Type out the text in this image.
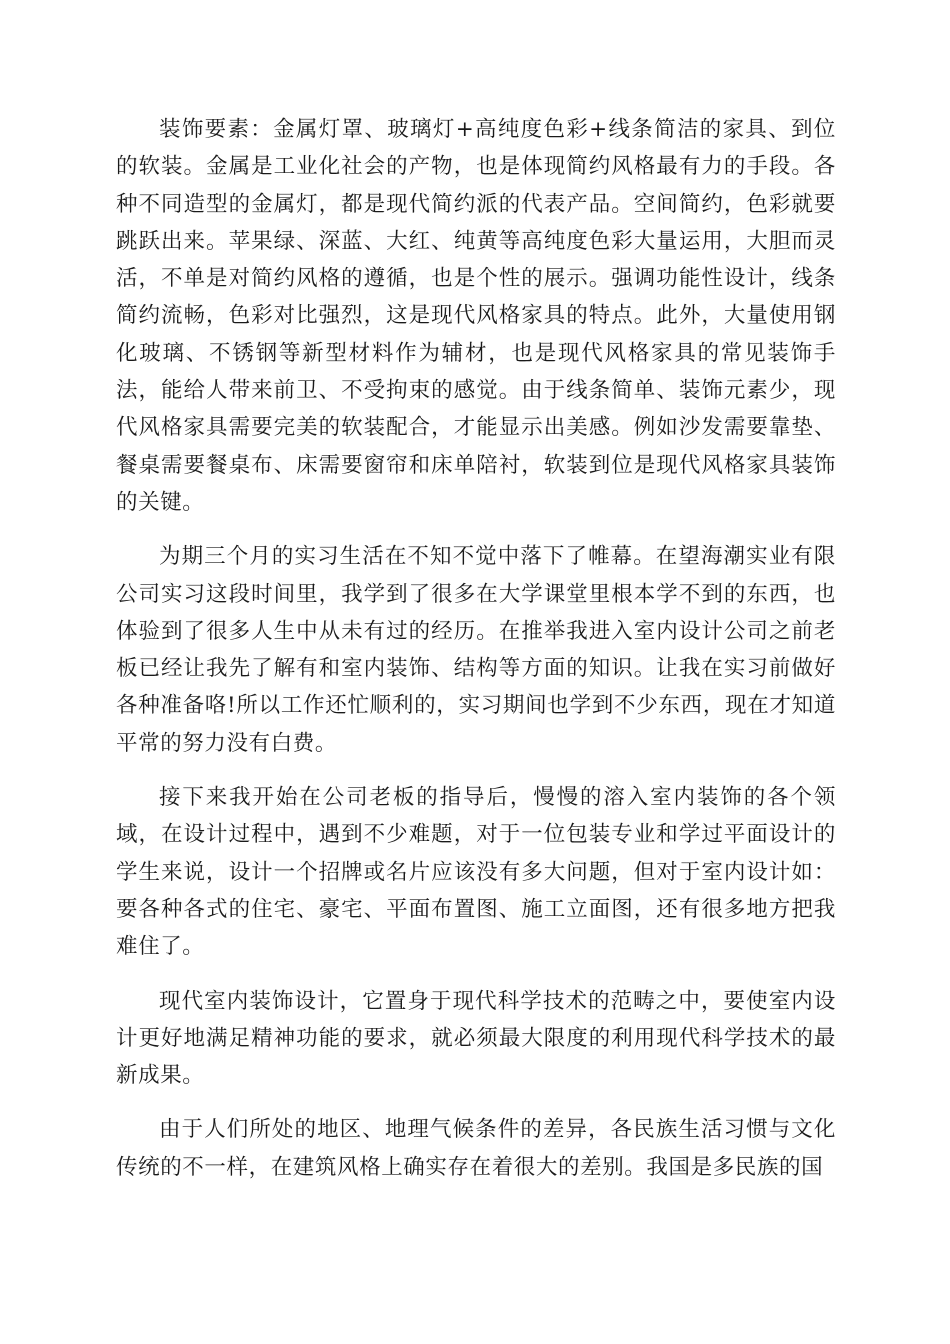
装饰要素：金属灯罩、玻璃灯+高纯度色彩+线条简洁的家具、到位的软装。金属是工业化社会的产物，也是体现简约风格最有力的手段。各种不同造型的金属灯，都是现代简约派的代表产品。空间简约，色彩就要跳跃出来。苹果绿、深蓝、大红、纯黄等高纯度色彩大量运用，大胆而灵活，不单是对简约风格的遵循，也是个性的展示。强调功能性设计，线条简约流畅，色彩对比强烈，这是现代风格家具的特点。此外，大量使用钢化玻璃、不锈钢等新型材料作为辅材，也是现代风格家具的常见装饰手法，能给人带来前卫、不受拘束的感觉。由于线条简单、装饰元素少，现代风格家具需要完美的软装配合，才能显示出美感。例如沙发需要靠垫、餐桌需要餐桌布、床需要窗帘和床单陪衬，软装到位是现代风格家具装饰的关键。

为期三个月的实习生活在不知不觉中落下了帷幕。在望海潮实业有限公司实习这段时间里，我学到了很多在大学课堂里根本学不到的东西，也体验到了很多人生中从未有过的经历。在推举我进入室内设计公司之前老板已经让我先了解有和室内装饰、结构等方面的知识。让我在实习前做好各种准备咯!所以工作还忙顺利的，实习期间也学到不少东西，现在才知道平常的努力没有白费。

接下来我开始在公司老板的指导后，慢慢的溶入室内装饰的各个领域，在设计过程中，遇到不少难题，对于一位包装专业和学过平面设计的学生来说，设计一个招牌或名片应该没有多大问题，但对于室内设计如：要各种各式的住宅、豪宅、平面布置图、施工立面图，还有很多地方把我难住了。

现代室内装饰设计，它置身于现代科学技术的范畴之中，要使室内设计更好地满足精神功能的要求，就必须最大限度的利用现代科学技术的最新成果。

由于人们所处的地区、地理气候条件的差异，各民族生活习惯与文化传统的不一样，在建筑风格上确实存在着很大的差别。我国是多民族的国
